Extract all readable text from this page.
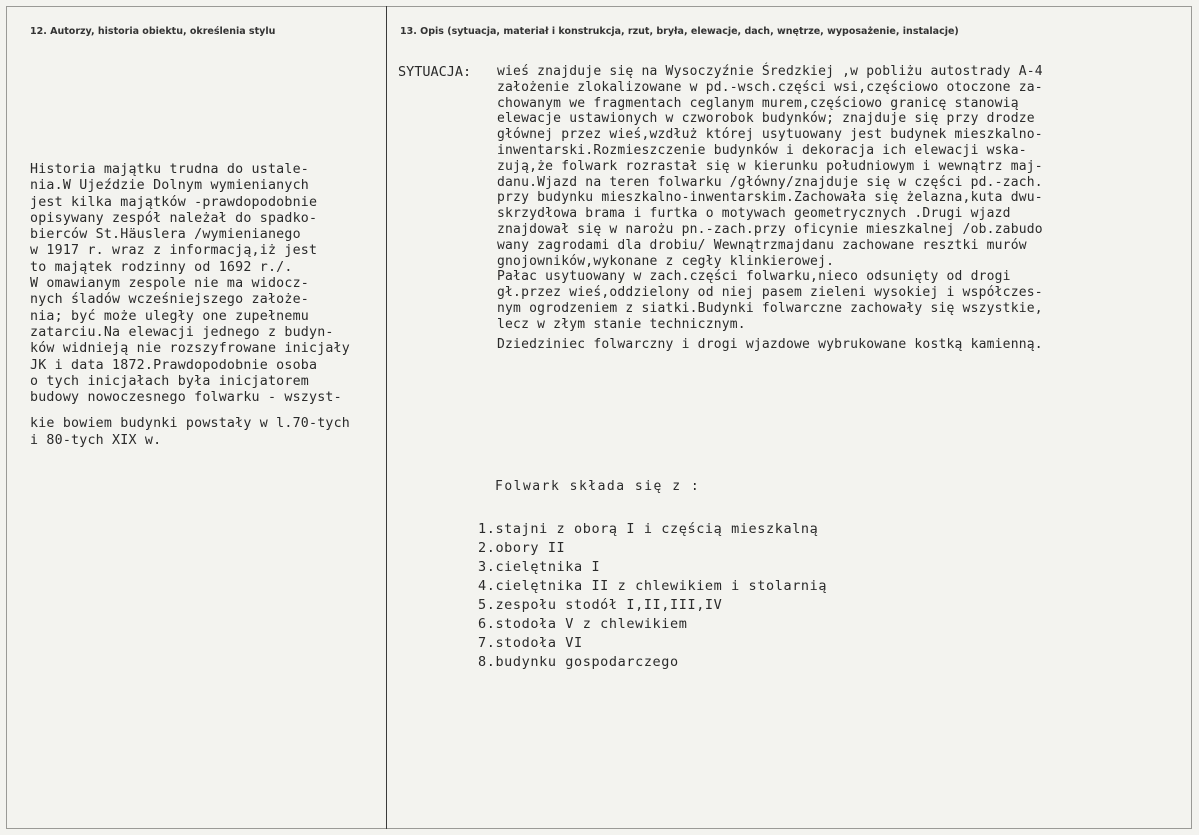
12. Autorzy, historia obiektu, określenia stylu	13. Opis (sytuacja, materiał i konstrukcja, rzut, bryła, elewacje, dach, wnętrze, wyposażenie, instalacje)
Historia majątku trudna do ustale-
nia.W Ujeździe Dolnym wymienianych
jest kilka majątków -prawdopodobnie
opisywany zespół należał do spadko-
bierców St.Häuslera /wymienianego
w 1917 r. wraz z informacją,iż jest
to majątek rodzinny od 1692 r./.
W omawianym zespole nie ma widocz-
nych śladów wcześniejszego założe-
nia; być może uległy one zupełnemu
zatarciu.Na elewacji jednego z budyn-
ków widnieją nie rozszyfrowane inicjały
JK i data 1872.Prawdopodobnie osoba
o tych inicjałach była inicjatorem
budowy nowoczesnego folwarku - wszyst-
kie bowiem budynki powstały w l.70-tych
i 80-tych XIX w.
SYTUACJA: wieś znajduje się na Wysoczyźnie Średzkiej ,w pobliżu autostrady A-4
założenie zlokalizowane w pd.-wsch.części wsi,częściowo otoczone za-
chowanym we fragmentach ceglanym murem,częściowo granicę stanowią
elewacje ustawionych w czworobok budynków; znajduje się przy drodze
głównej przez wieś,wzdłuż której usytuowany jest budynek mieszkalno-
inwentarski.Rozmieszczenie budynków i dekoracja ich elewacji wska-
zują,że folwark rozrastał się w kierunku południowym i wewnątrz maj-
danu.Wjazd na teren folwarku /główny/znajduje się w części pd.-zach.
przy budynku mieszkalno-inwentarskim.Zachowała się żelazna,kuta dwu-
skrzydłowa brama i furtka o motywach geometrycznych .Drugi wjazd
znajdował się w narożu pn.-zach.przy oficynie mieszkalnej /ob.zabudo
wany zagrodami dla drobiu/ Wewnątrzmajdanu zachowane resztki murów
gnojowników,wykonane z cegły klinkierowej.
Pałac usytuowany w zach.części folwarku,nieco odsunięty od drogi
gł.przez wieś,oddzielony od niej pasem zieleni wysokiej i współczes-
nym ogrodzeniem z siatki.Budynki folwarczne zachowały się wszystkie,
lecz w złym stanie technicznym.
Dziedziniec folwarczny i drogi wjazdowe wybrukowane kostką kamienną.
Folwark składa się z :
1.stajni z oborą I i częścią mieszkalną
2.obory II
3.cielętnika I
4.cielętnika II z chlewikiem i stolarnią
5.zespołu stodół I,II,III,IV
6.stodoła V z chlewikiem
7.stodoła VI
8.budynku gospodarczego
